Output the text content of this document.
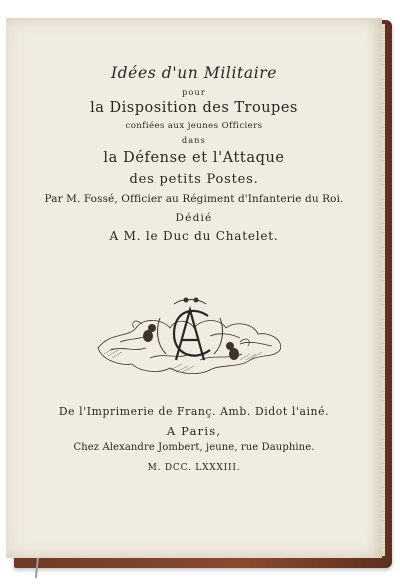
Idées d'un Militaire
pour
la Disposition des Troupes
confiées aux jeunes Officiers
dans
la Défense et l'Attaque
des petits Postes.
Par M. Fossé, Officier au Régiment d'Infanterie du Roi.
Dédié
A M. le Duc du Chatelet.
De l'Imprimerie de Franç. Amb. Didot l'ainé.
A Paris,
Chez Alexandre Jombert, jeune, rue Dauphine.
M. DCC. LXXXIII.
